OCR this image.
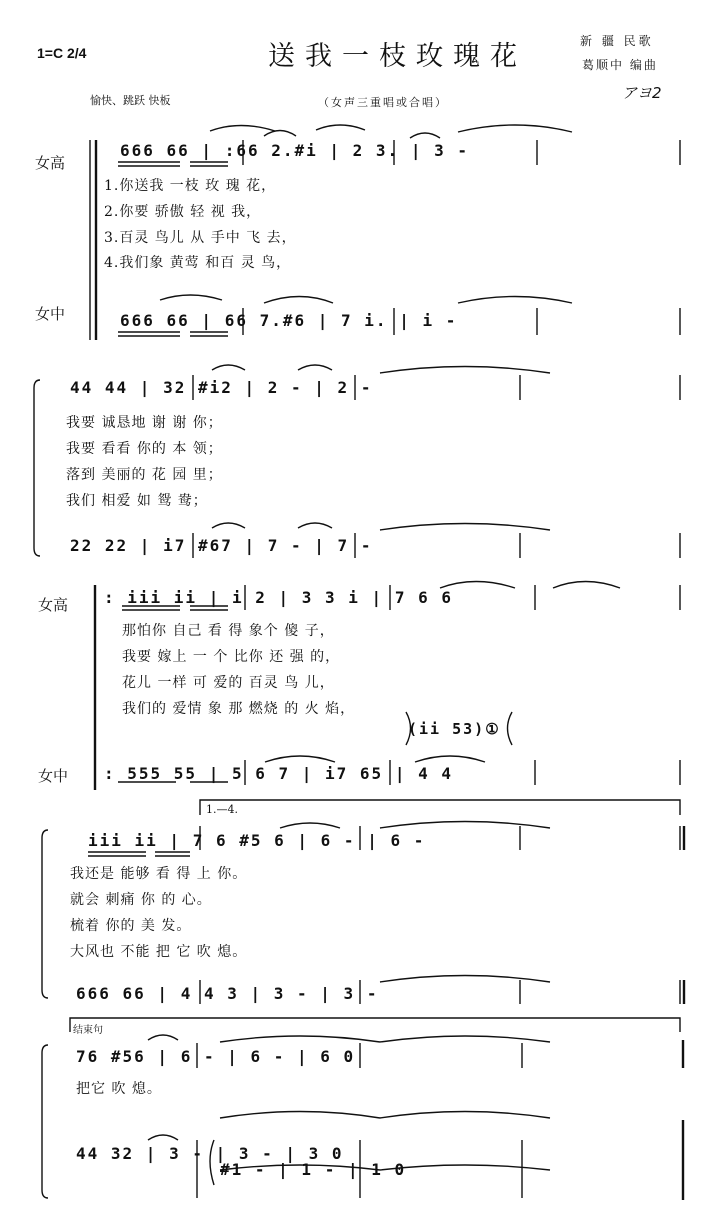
1=C 2/4	送我一枝玫瑰花	新 疆 民歌
葛顺中 编曲
愉快、跳跃 快板	（女声三重唱或合唱）
アヨ2
女高
666 66 | :66 2.#i | 2 3. | 3 -
1.你送我 一枝 玫 瑰 花，
2.你要 骄傲 轻 视 我，
3.百灵 鸟儿 从 手中 飞 去，
4.我们象 黄莺 和百 灵 鸟，
女中	666 66 | 66 7.#6 | 7 i. | i -
44 44 | 32 #i2 | 2 - | 2 -
我要 诚恳地 谢 谢 你；
我要 看看 你的 本 领；
落到 美丽的 花 园 里；
我们 相爱 如 鸳 鸯；
22 22 | i7 #67 | 7 - | 7 -
女高 : iii ii | i 2 | 3 3 i | 7 6 6
那怕你 自己 看 得 象个 傻 子，
我要 嫁上 一 个 比你 还 强 的，
花儿 一样 可 爱的 百灵 鸟 儿，
我们的 爱情 象 那 燃烧 的 火 焰，
(ii 53)①
女中 : 555 55 | 5 6 7 | i7 65 | 4 4
1.—4.
iii ii | 7 6 #5 6 | 6 - | 6 -
我还是 能够 看 得 上 你。
就会 刺痛 你 的 心。
梳着 你的 美 发。
大风也 不能 把 它 吹 熄。
666 66 | 4 4 3 | 3 - | 3 -
结束句
76 #56 | 6 - | 6 - | 6 0
把它 吹 熄。
44 32 | 3 - | 3 - | 3 0
#1 - | 1 - | 1 0
